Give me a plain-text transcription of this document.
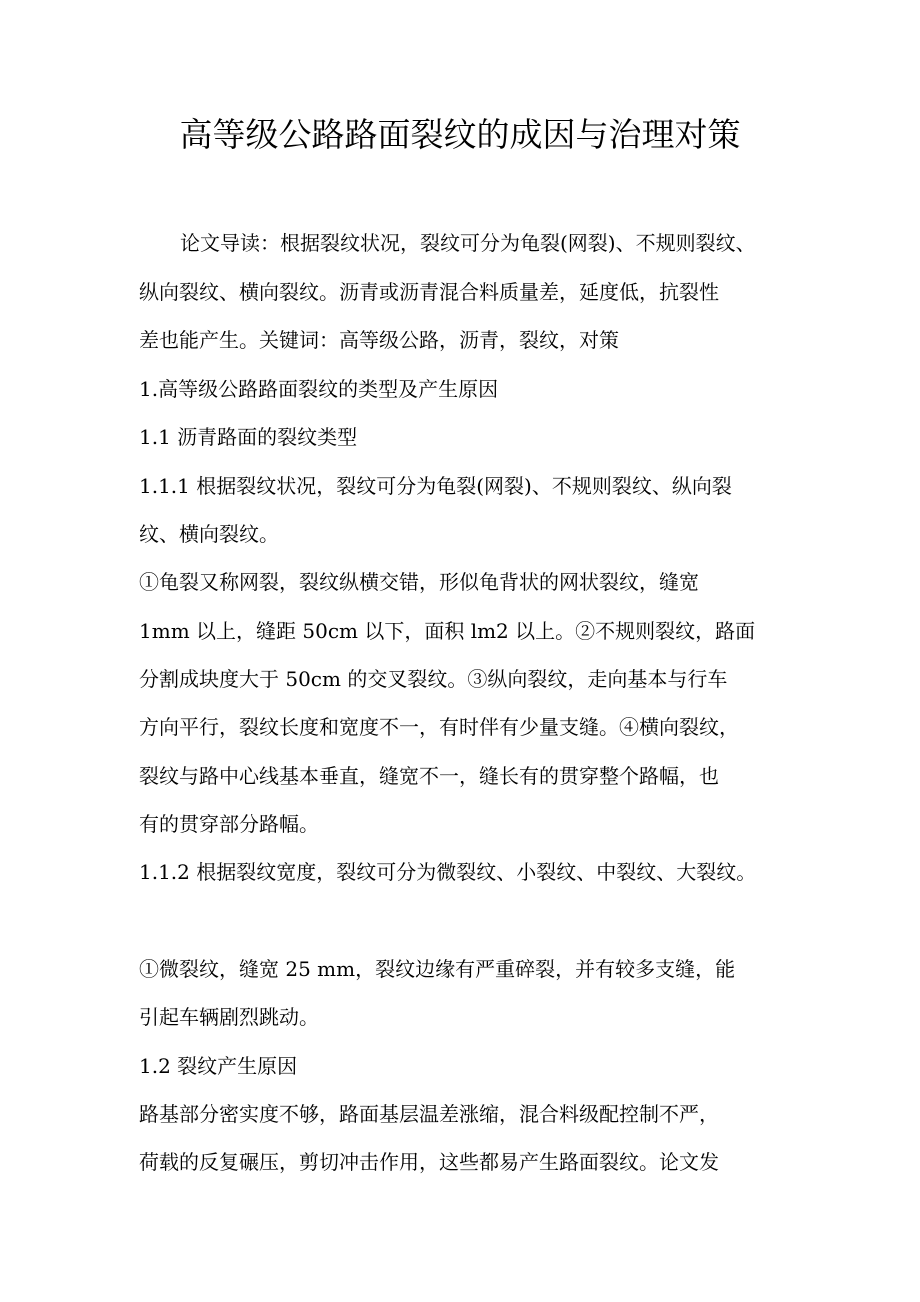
高等级公路路面裂纹的成因与治理对策
　论文导读：根据裂纹状况，裂纹可分为龟裂(网裂)、不规则裂纹、
纵向裂纹、横向裂纹。沥青或沥青混合料质量差，延度低，抗裂性
差也能产生。关键词：高等级公路，沥青，裂纹，对策
1.高等级公路路面裂纹的类型及产生原因
1.1 沥青路面的裂纹类型
1.1.1 根据裂纹状况，裂纹可分为龟裂(网裂)、不规则裂纹、纵向裂
纹、横向裂纹。
①龟裂又称网裂，裂纹纵横交错，形似龟背状的网状裂纹，缝宽
1mm 以上，缝距 50cm 以下，面积 lm2 以上。②不规则裂纹，路面
分割成块度大于 50cm 的交叉裂纹。③纵向裂纹，走向基本与行车
方向平行，裂纹长度和宽度不一，有时伴有少量支缝。④横向裂纹，
裂纹与路中心线基本垂直，缝宽不一，缝长有的贯穿整个路幅，也
有的贯穿部分路幅。
1.1.2 根据裂纹宽度，裂纹可分为微裂纹、小裂纹、中裂纹、大裂纹。
①微裂纹，缝宽 25 mm，裂纹边缘有严重碎裂，并有较多支缝，能
引起车辆剧烈跳动。
1.2 裂纹产生原因
路基部分密实度不够，路面基层温差涨缩，混合料级配控制不严，
荷载的反复碾压，剪切冲击作用，这些都易产生路面裂纹。论文发
